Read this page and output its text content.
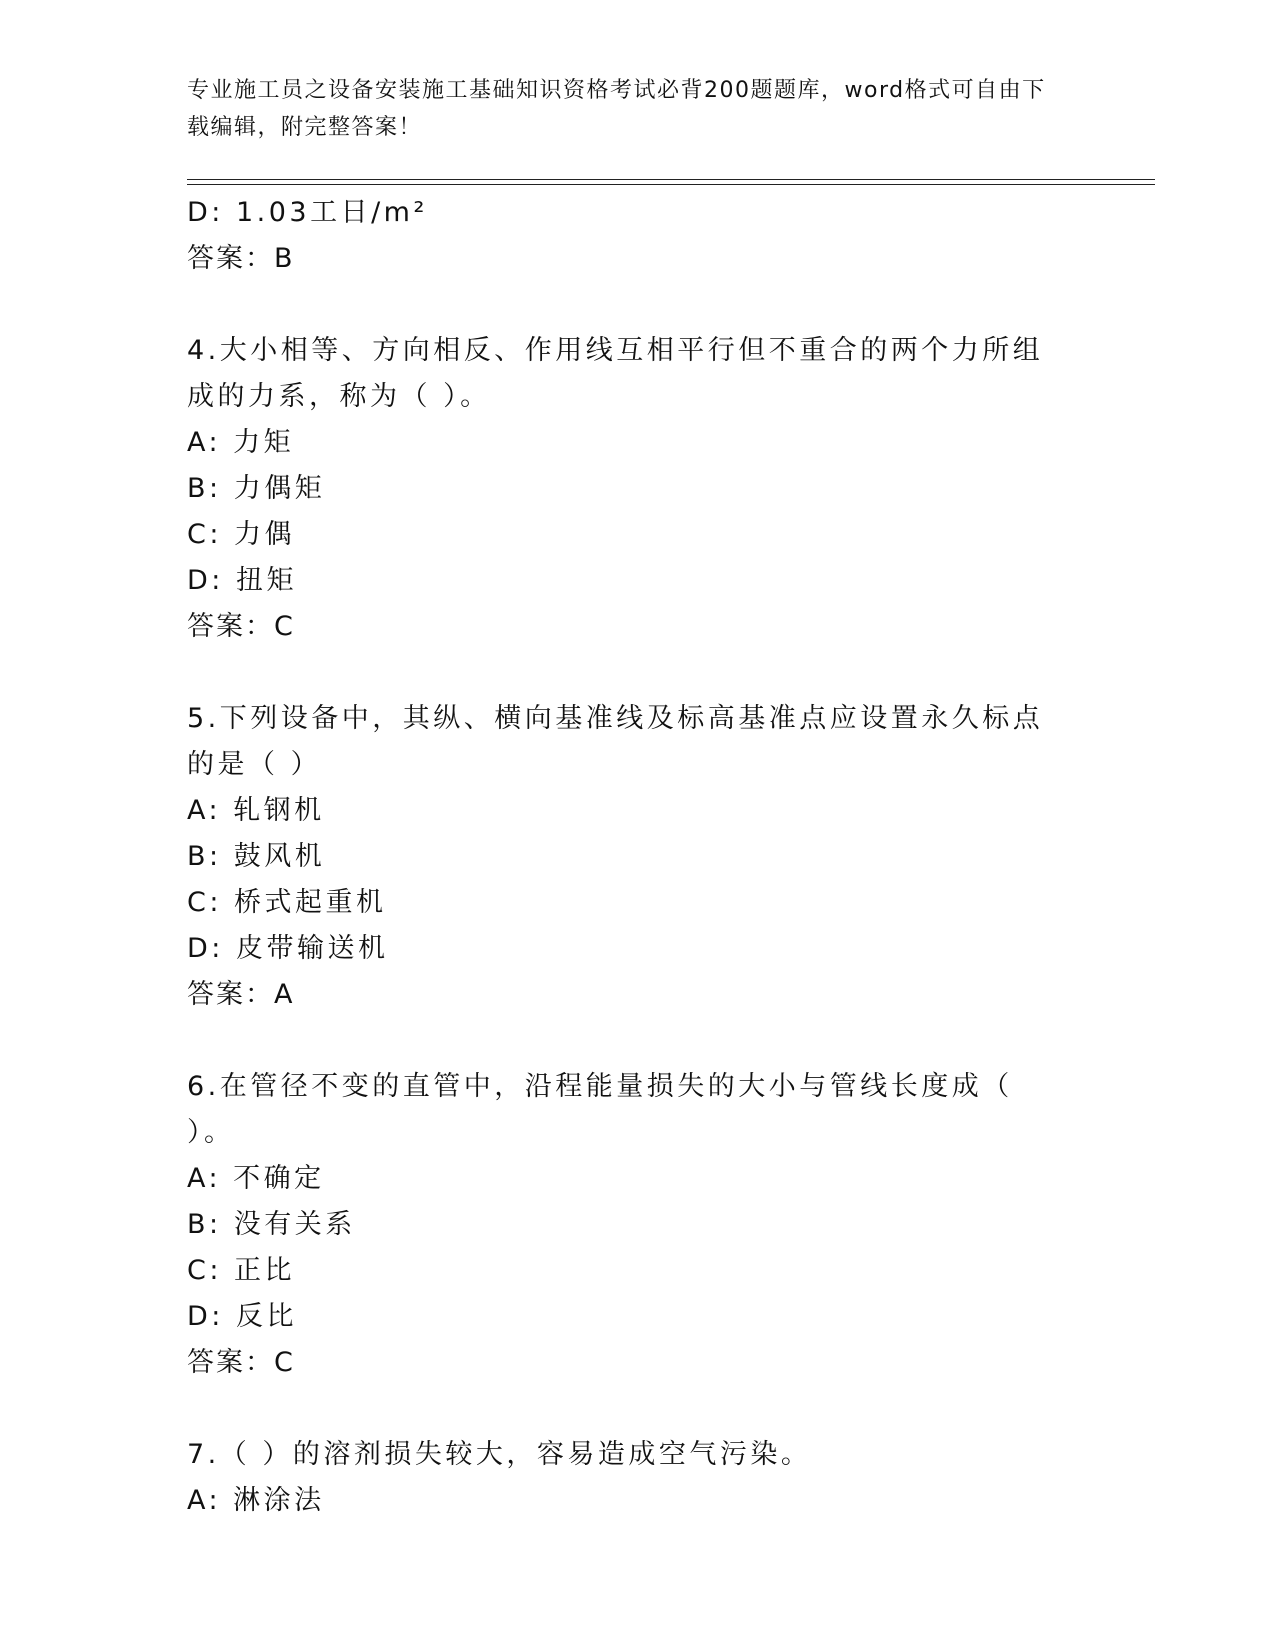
专业施工员之设备安装施工基础知识资格考试必背200题题库，word格式可自由下载编辑，附完整答案！
D: 1.03工日/m²
答案：B
4.大小相等、方向相反、作用线互相平行但不重合的两个力所组成的力系，称为（ ）。
A: 力矩
B: 力偶矩
C: 力偶
D: 扭矩
答案：C
5.下列设备中，其纵、横向基准线及标高基准点应设置永久标点的是（ ）
A: 轧钢机
B: 鼓风机
C: 桥式起重机
D: 皮带输送机
答案：A
6.在管径不变的直管中，沿程能量损失的大小与管线长度成（ ）。
A: 不确定
B: 没有关系
C: 正比
D: 反比
答案：C
7.（ ）的溶剂损失较大，容易造成空气污染。
A: 淋涂法
